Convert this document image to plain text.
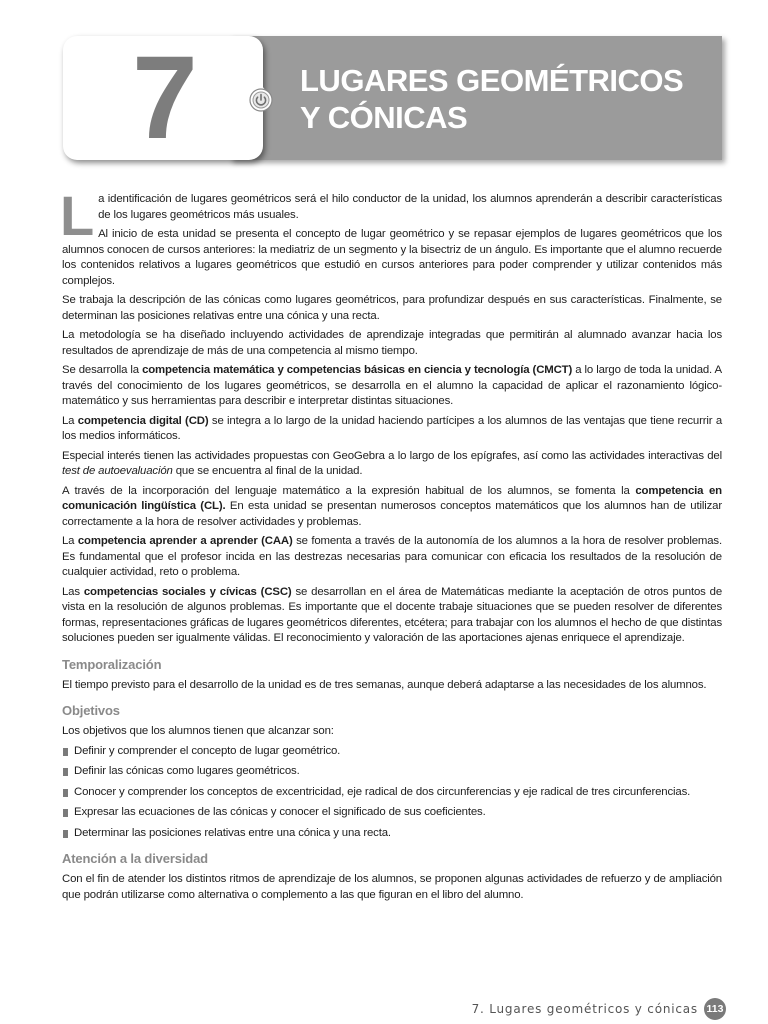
7	LUGARES GEOMÉTRICOS
Y CÓNICAS

La identificación de lugares geométricos será el hilo conductor de la unidad, los alumnos aprenderán a describir características de los lugares geométricos más usuales.

Al inicio de esta unidad se presenta el concepto de lugar geométrico y se repasar ejemplos de lugares geométricos que los alumnos conocen de cursos anteriores: la mediatriz de un segmento y la bisectriz de un ángulo. Es importante que el alumno recuerde los contenidos relativos a lugares geométricos que estudió en cursos anteriores para poder comprender y utilizar contenidos más complejos.

Se trabaja la descripción de las cónicas como lugares geométricos, para profundizar después en sus características. Finalmente, se determinan las posiciones relativas entre una cónica y una recta.

La metodología se ha diseñado incluyendo actividades de aprendizaje integradas que permitirán al alumnado avanzar hacia los resultados de aprendizaje de más de una competencia al mismo tiempo.

Se desarrolla la competencia matemática y competencias básicas en ciencia y tecnología (CMCT) a lo largo de toda la unidad. A través del conocimiento de los lugares geométricos, se desarrolla en el alumno la capacidad de aplicar el razonamiento lógico-matemático y sus herramientas para describir e interpretar distintas situaciones.

La competencia digital (CD) se integra a lo largo de la unidad haciendo partícipes a los alumnos de las ventajas que tiene recurrir a los medios informáticos.

Especial interés tienen las actividades propuestas con GeoGebra a lo largo de los epígrafes, así como las actividades interactivas del test de autoevaluación que se encuentra al final de la unidad.

A través de la incorporación del lenguaje matemático a la expresión habitual de los alumnos, se fomenta la competencia en comunicación lingüística (CL). En esta unidad se presentan numerosos conceptos matemáticos que los alumnos han de utilizar correctamente a la hora de resolver actividades y problemas.

La competencia aprender a aprender (CAA) se fomenta a través de la autonomía de los alumnos a la hora de resolver problemas. Es fundamental que el profesor incida en las destrezas necesarias para comunicar con eficacia los resultados de la resolución de cualquier actividad, reto o problema.

Las competencias sociales y cívicas (CSC) se desarrollan en el área de Matemáticas mediante la aceptación de otros puntos de vista en la resolución de algunos problemas. Es importante que el docente trabaje situaciones que se pueden resolver de diferentes formas, representaciones gráficas de lugares geométricos diferentes, etcétera; para trabajar con los alumnos el hecho de que distintas soluciones pueden ser igualmente válidas. El reconocimiento y valoración de las aportaciones ajenas enriquece el aprendizaje.

Temporalización

El tiempo previsto para el desarrollo de la unidad es de tres semanas, aunque deberá adaptarse a las necesidades de los alumnos.

Objetivos

Los objetivos que los alumnos tienen que alcanzar son:

Definir y comprender el concepto de lugar geométrico.
Definir las cónicas como lugares geométricos.
Conocer y comprender los conceptos de excentricidad, eje radical de dos circunferencias y eje radical de tres circunferencias.
Expresar las ecuaciones de las cónicas y conocer el significado de sus coeficientes.
Determinar las posiciones relativas entre una cónica y una recta.
Atención a la diversidad

Con el fin de atender los distintos ritmos de aprendizaje de los alumnos, se proponen algunas actividades de refuerzo y de ampliación que podrán utilizarse como alternativa o complemento a las que figuran en el libro del alumno.

7. Lugares geométricos y cónicas 113
